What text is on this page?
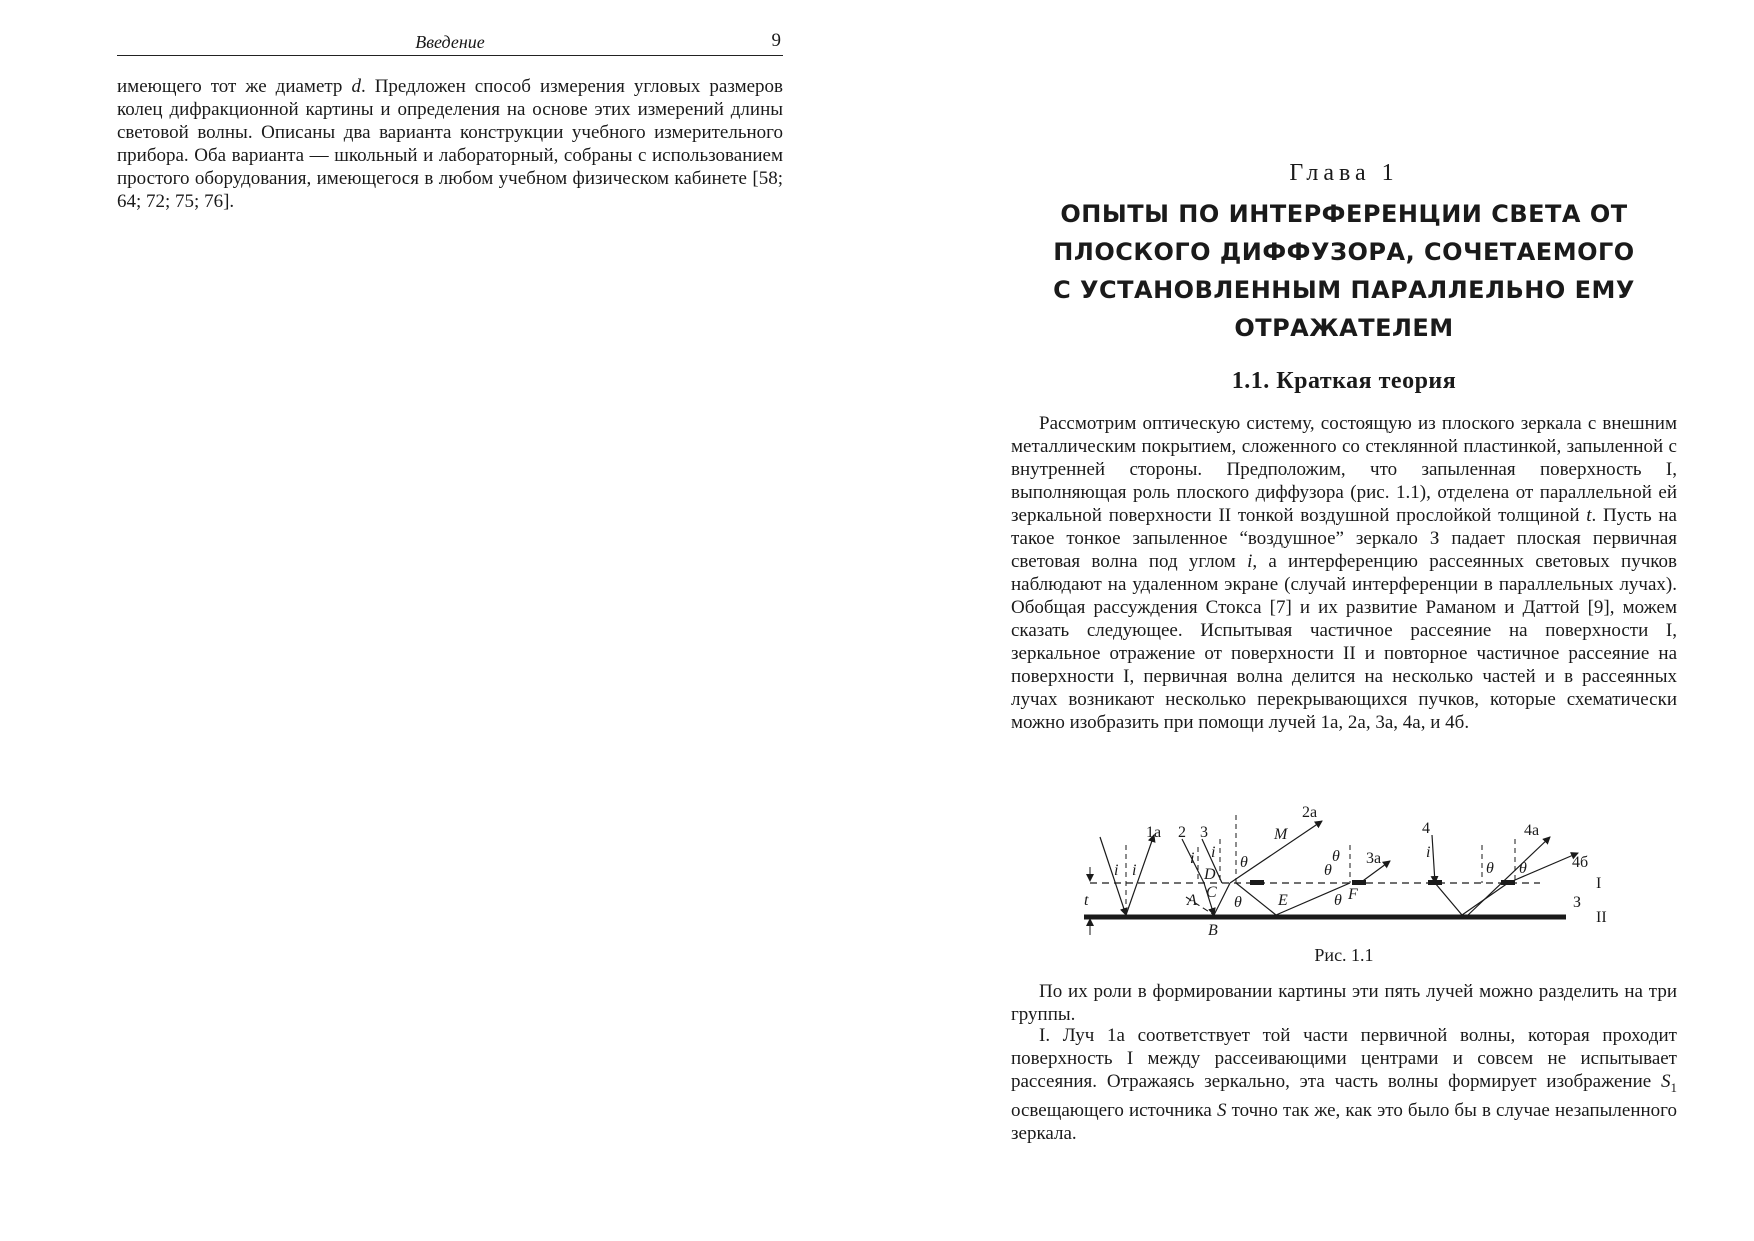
Введение	9
имеющего тот же диаметр d. Предложен способ измерения угловых размеров колец дифракционной картины и определения на основе этих измерений длины световой волны. Описаны два варианта конструкции учебного измерительного прибора. Оба варианта — школьный и лабораторный, собраны с использованием простого оборудования, имеющегося в любом учебном физическом кабинете [58; 64; 72; 75; 76].
Глава 1
ОПЫТЫ ПО ИНТЕРФЕРЕНЦИИ СВЕТА ОТ
ПЛОСКОГО ДИФФУЗОРА, СОЧЕТАЕМОГО
С УСТАНОВЛЕННЫМ ПАРАЛЛЕЛЬНО ЕМУ
ОТРАЖАТЕЛЕМ
1.1. Краткая теория
Рассмотрим оптическую систему, состоящую из плоского зеркала с внешним металлическим покрытием, сложенного со стеклянной пластинкой, запыленной с внутренней стороны. Предположим, что запыленная поверхность I, выполняющая роль плоского диффузора (рис. 1.1), отделена от параллельной ей зеркальной поверхности II тонкой воздушной прослойкой толщиной t. Пусть на такое тонкое запыленное “воздушное” зеркало З падает плоская первичная световая волна под углом i, а интерференцию рассеянных световых пучков наблюдают на удаленном экране (случай интерференции в параллельных лучах). Обобщая рассуждения Стокса [7] и их развитие Раманом и Даттой [9], можем сказать следующее. Испытывая частичное рассеяние на поверхности I, зеркальное отражение от поверхности II и повторное частичное рассеяние на поверхности I, первичная волна делится на несколько частей и в рассеянных лучах возникают несколько перекрывающихся пучков, которые схематически можно изобразить при помощи лучей 1а, 2а, 3а, 4а, и 4б.
t
1а
i i
2 3
i i
D
C
A
B
2а
M
θ
θ E	θ F
θ
θ 3а
4
i
4а
4б
θ θ
I
З
II
Рис. 1.1
По их роли в формировании картины эти пять лучей можно разделить на три группы.
I. Луч 1а соответствует той части первичной волны, которая проходит поверхность I между рассеивающими центрами и совсем не испытывает рассеяния. Отражаясь зеркально, эта часть волны формирует изображение $S_1$ освещающего источника S точно так же, как это было бы в случае незапыленного зеркала.
